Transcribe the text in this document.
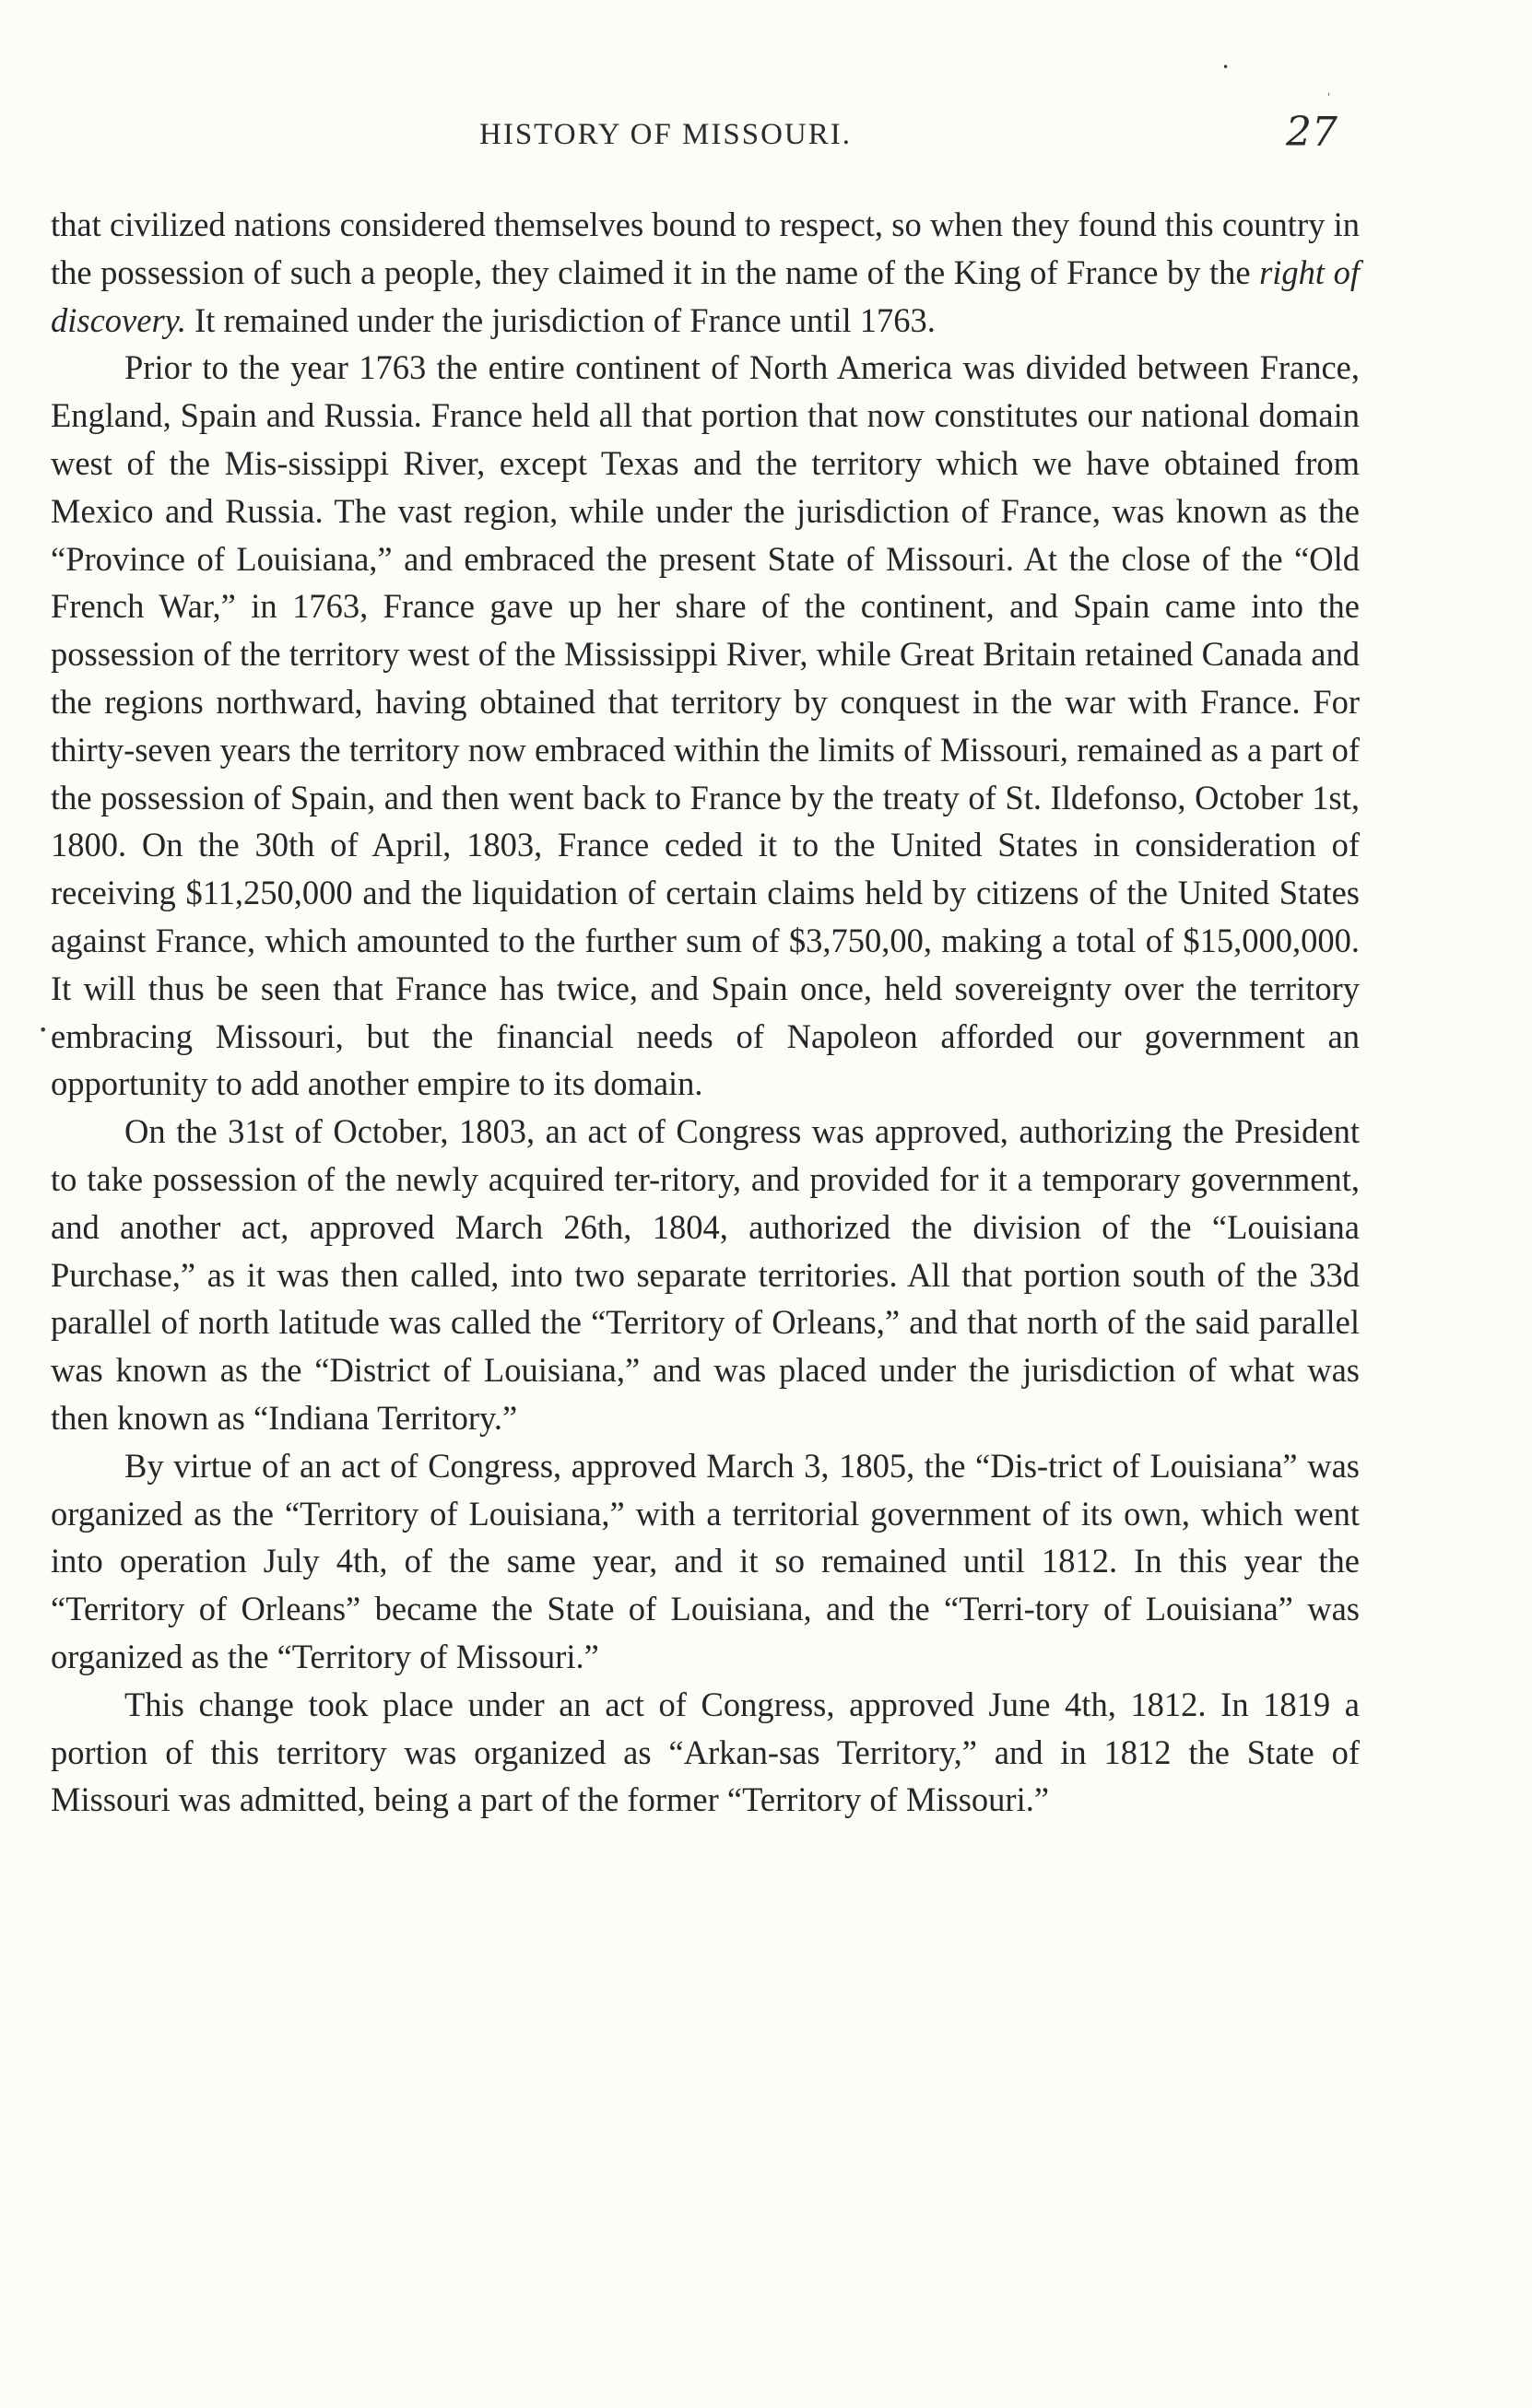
•
'
•
HISTORY OF MISSOURI.	27

that civilized nations considered themselves bound to respect, so when they found this country in the possession of such a people, they claimed it in the name of the King of France by the right of discovery. It remained under the jurisdiction of France until 1763.

Prior to the year 1763 the entire continent of North America was divided between France, England, Spain and Russia. France held all that portion that now constitutes our national domain west of the Mis-sissippi River, except Texas and the territory which we have obtained from Mexico and Russia. The vast region, while under the jurisdiction of France, was known as the “Province of Louisiana,” and embraced the present State of Missouri. At the close of the “Old French War,” in 1763, France gave up her share of the continent, and Spain came into the possession of the territory west of the Mississippi River, while Great Britain retained Canada and the regions northward, having obtained that territory by conquest in the war with France. For thirty-seven years the territory now embraced within the limits of Missouri, remained as a part of the possession of Spain, and then went back to France by the treaty of St. Ildefonso, October 1st, 1800. On the 30th of April, 1803, France ceded it to the United States in consideration of receiving $11,250,000 and the liquidation of certain claims held by citizens of the United States against France, which amounted to the further sum of $3,750,00, making a total of $15,000,000. It will thus be seen that France has twice, and Spain once, held sovereignty over the territory embracing Missouri, but the financial needs of Napoleon afforded our government an opportunity to add another empire to its domain.

On the 31st of October, 1803, an act of Congress was approved, authorizing the President to take possession of the newly acquired ter-ritory, and provided for it a temporary government, and another act, approved March 26th, 1804, authorized the division of the “Louisiana Purchase,” as it was then called, into two separate territories. All that portion south of the 33d parallel of north latitude was called the “Territory of Orleans,” and that north of the said parallel was known as the “District of Louisiana,” and was placed under the jurisdiction of what was then known as “Indiana Territory.”

By virtue of an act of Congress, approved March 3, 1805, the “Dis-trict of Louisiana” was organized as the “Territory of Louisiana,” with a territorial government of its own, which went into operation July 4th, of the same year, and it so remained until 1812. In this year the “Territory of Orleans” became the State of Louisiana, and the “Terri-tory of Louisiana” was organized as the “Territory of Missouri.”

This change took place under an act of Congress, approved June 4th, 1812. In 1819 a portion of this territory was organized as “Arkan-sas Territory,” and in 1812 the State of Missouri was admitted, being a part of the former “Territory of Missouri.”
